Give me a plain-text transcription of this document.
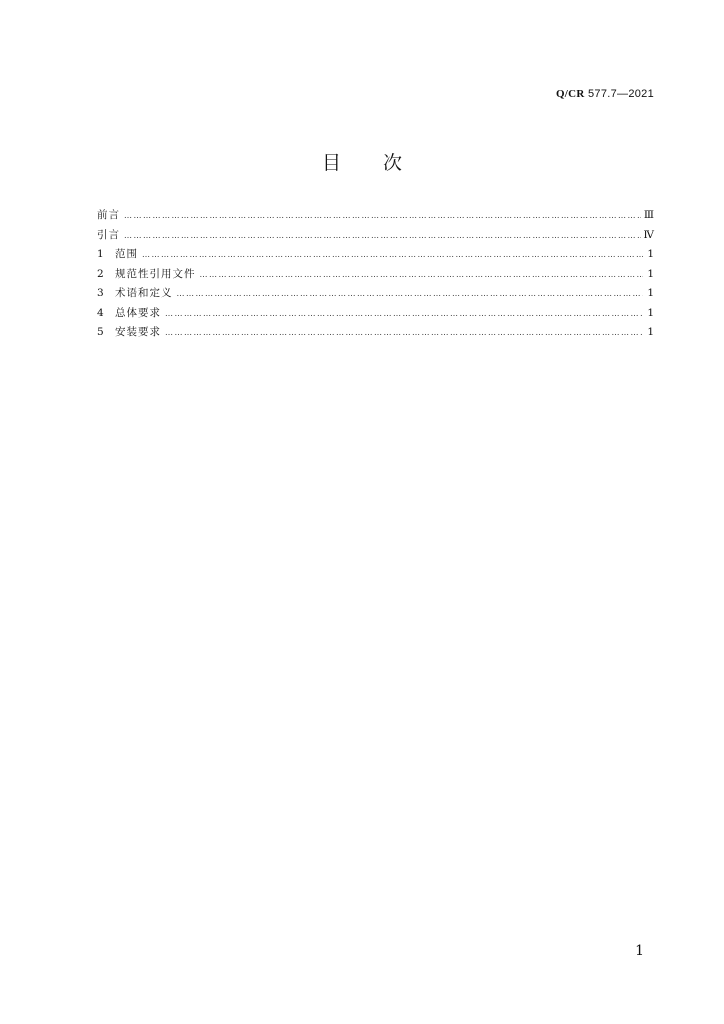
Q/CR 577.7—2021
目 次
前言 ……………………………………………………………………………………………………………………………………………………………………………………………	Ⅲ
引言 ……………………………………………………………………………………………………………………………………………………………………………………………	Ⅳ
1	范围 ……………………………………………………………………………………………………………………………………………………………………………………………	1
2	规范性引用文件 ……………………………………………………………………………………………………………………………………………………………………………………………	1
3	术语和定义 ……………………………………………………………………………………………………………………………………………………………………………………………	1
4	总体要求 ……………………………………………………………………………………………………………………………………………………………………………………………	1
5	安装要求 ……………………………………………………………………………………………………………………………………………………………………………………………	1
1
